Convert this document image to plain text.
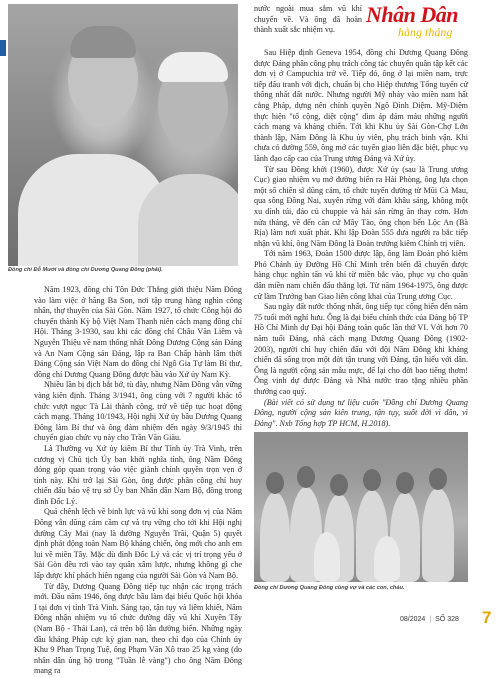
Đồng chí Đỗ Mười và đồng chí Dương Quang Đông (phải).
Nhân Dân
hằng tháng

Năm 1923, đồng chí Tôn Đức Thắng giới thiệu Năm Đông vào làm việc ở hãng Ba Son, nơi tập trung hàng nghìn công nhân, thợ thuyền của Sài Gòn. Năm 1927, tổ chức Công hội đỏ chuyển thành Kỳ bộ Việt Nam Thanh niên cách mạng đồng chí Hội. Tháng 3-1930, sau khi các đồng chí Châu Văn Liêm và Nguyễn Thiệu về nam thống nhất Đông Dương Cộng sản Đảng và An Nam Cộng sản Đảng, lập ra Ban Chấp hành lâm thời Đảng Cộng sản Việt Nam do đồng chí Ngô Gia Tự làm Bí thư, đồng chí Dương Quang Đông được bầu vào Xứ ủy Nam Kỳ.

Nhiều lần bị địch bắt bớ, tù đày, nhưng Năm Đông vẫn vững vàng kiên định. Tháng 3/1941, ông cùng với 7 người khác tổ chức vượt ngục Tà Lài thành công, trở về tiếp tục hoạt động cách mạng. Tháng 10/1943, Hội nghị Xứ ủy bầu Dương Quang Đông làm Bí thư và ông đảm nhiệm đến ngày 9/3/1945 thì chuyển giao chức vụ này cho Trần Văn Giàu.

Là Thường vụ Xứ ủy kiêm Bí thư Tỉnh ủy Trà Vinh, trên cương vị Chủ tịch Ủy ban khởi nghĩa tỉnh, ông Năm Đông đóng góp quan trọng vào việc giành chính quyền trọn vẹn ở tỉnh này. Khi trở lại Sài Gòn, ông được phân công chỉ huy chiến đấu bảo vệ trụ sở Ủy ban Nhân dân Nam Bộ, đồng trong đình Đốc Lý.

Quả chênh lệch về binh lực và vũ khí song đơn vị của Năm Đông vẫn dũng cảm cầm cự và trụ vững cho tới khi Hội nghị đường Cây Mai (nay là đường Nguyễn Trãi, Quận 5) quyết định phát động toàn Nam Bộ kháng chiến, ông mới cho anh em lui về miền Tây. Mặc dù đình Đốc Lý và các vị trí trọng yếu ở Sài Gòn đều rơi vào tay quân xâm lược, nhưng không gì che lấp được khí phách hiên ngang của người Sài Gòn và Nam Bộ.

Từ đây, Dương Quang Đông tiếp tục nhận các trọng trách mới. Đầu năm 1946, ông được bầu làm đại biểu Quốc hội khóa I tại đơn vị tỉnh Trà Vinh. Sáng tạo, tận tụy và liêm khiết, Năm Đông nhận nhiệm vụ tổ chức đường dây vũ khí Xuyên Tây (Nam Bộ - Thái Lan), cả trên bộ lẫn đường biển. Những ngày đầu kháng Pháp cực kỳ gian nan, theo chỉ đạo của Chính ủy Khu 9 Phan Trọng Tuệ, ông Phạm Văn Xô trao 25 kg vàng (do nhân dân ủng hộ trong "Tuần lễ vàng") cho ông Năm Đông mang ra

nước ngoài mua sắm vũ khí chuyển về. Và ông đã hoàn thành xuất sắc nhiệm vụ.

Sau Hiệp định Geneva 1954, đồng chí Dương Quang Đông được Đảng phân công phụ trách công tác chuyển quân tập kết các đơn vị ở Campuchia trở về. Tiếp đó, ông ở lại miền nam, trực tiếp đấu tranh với địch, chuẩn bị cho Hiệp thương Tổng tuyển cử thống nhất đất nước. Nhưng người Mỹ nhảy vào miền nam hất cẳng Pháp, dựng nên chính quyền Ngô Đình Diệm. Mỹ-Diệm thực hiện "tố cộng, diệt cộng" dìm áp đảm máu những người cách mạng và kháng chiến. Tới khi Khu ủy Sài Gòn-Chợ Lớn thành lập, Năm Đông là Khu ủy viên, phụ trách binh vận. Khi chưa có đường 559, ông mở các tuyến giao liên đặc biệt, phục vụ lãnh đạo cấp cao của Trung ương Đảng và Xứ ủy.

Từ sau Đồng khởi (1960), được Xứ ủy (sau là Trung ương Cục) giao nhiệm vụ mở đường biển ra Hải Phòng, ông lựa chọn một số chiến sĩ dũng cảm, tổ chức tuyến đường từ Mũi Cà Mau, qua sông Đồng Nai, xuyên rừng với đảm khâu sáng, không một xu dính túi, đảo củ chuppie và hải sản rừng ăn thay cơm. Hơn nửa tháng, về đến căn cứ Mây Tào, ông chọn bến Lộc An (Bà Rịa) làm nơi xuất phát. Khi lập Đoàn 555 đưa người ra bắc tiếp nhận vũ khí, ông Năm Đông là Đoàn trưởng kiêm Chính trị viên.

Tới năm 1963, Đoàn 1500 được lập, ông làm Đoàn phó kiêm Phó Chánh ủy Đường Hồ Chí Minh trên biển đã chuyển được hàng chục nghìn tấn vũ khí từ miền bắc vào, phục vụ cho quân dân miền nam chiến đấu thắng lợi. Từ năm 1964-1975, ông được cử làm Trưởng ban Giao liên công khai của Trung ương Cục.

Sau ngày đất nước thống nhất, ông tiếp tục cống hiến đến năm 75 tuổi mới nghỉ hưu. Ông là đại biểu chính thức của Đảng bộ TP Hồ Chí Minh dự Đại hội Đảng toàn quốc lần thứ VI. Với hơn 70 năm tuổi Đảng, nhà cách mạng Dương Quang Đông (1902-2003), người chỉ huy chiến đấu với đội Năm Đông khi kháng chiến đã sống trọn một đời tận trung với Đảng, tận hiếu với dân. Ông là người cộng sản mẫu mực, để lại cho đời bao tiếng thơm! Ông vinh dự được Đảng và Nhà nước trao tặng nhiều phần thưởng cao quý.

(Bài viết có sử dụng tư liệu cuốn "Đồng chí Dương Quang Đông, người cộng sản kiên trung, tận tụy, suốt đời vì dân, vì Đảng". Nxb Tổng hợp TP HCM, H.2018).

Đồng chí Dương Quang Đông cùng vợ và các con, cháu.
08/2024 | SỐ 328 7
